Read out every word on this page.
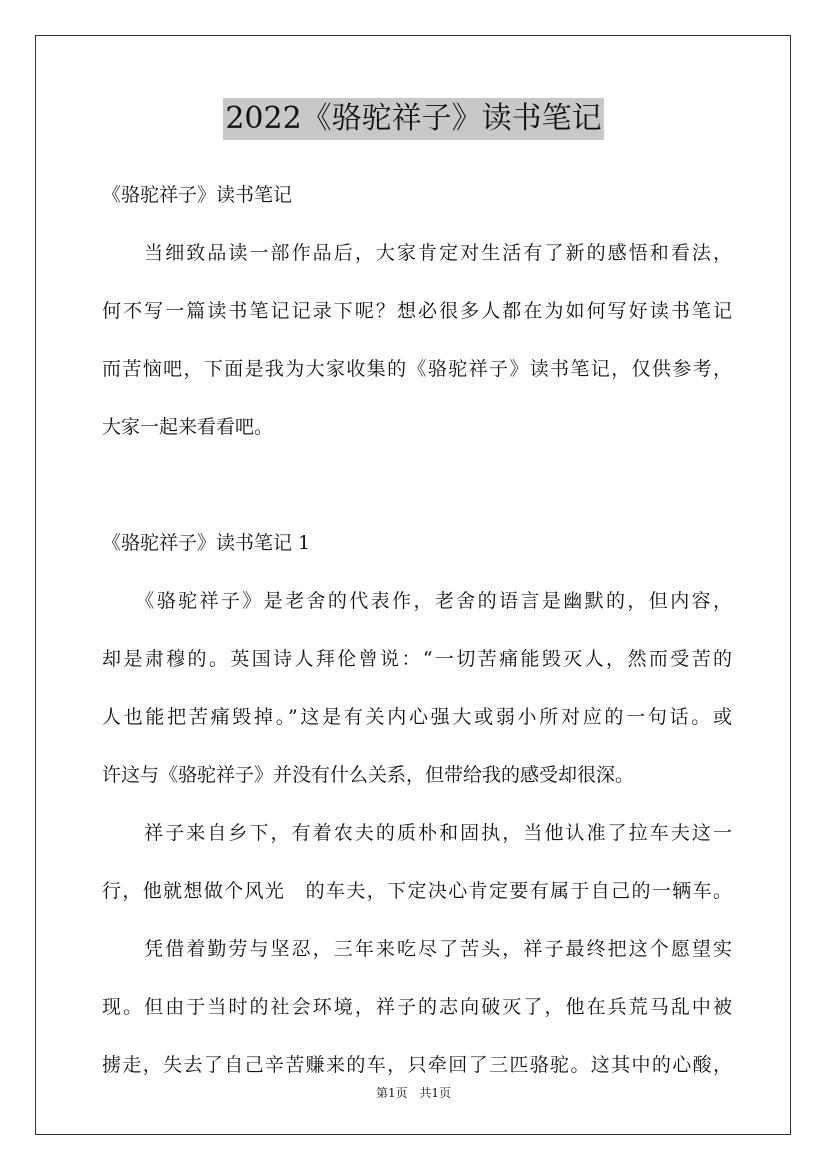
2022《骆驼祥子》读书笔记
《骆驼祥子》读书笔记
　　当细致品读一部作品后，大家肯定对生活有了新的感悟和看法，
何不写一篇读书笔记记录下呢？想必很多人都在为如何写好读书笔记
而苦恼吧，下面是我为大家收集的《骆驼祥子》读书笔记，仅供参考，
大家一起来看看吧。
《骆驼祥子》读书笔记 1
　　《骆驼祥子》是老舍的代表作，老舍的语言是幽默的，但内容，
却是肃穆的。英国诗人拜伦曾说：“一切苦痛能毁灭人，然而受苦的
人也能把苦痛毁掉。”这是有关内心强大或弱小所对应的一句话。或
许这与《骆驼祥子》并没有什么关系，但带给我的感受却很深。
　　祥子来自乡下，有着农夫的质朴和固执，当他认准了拉车夫这一
行，他就想做个风光　的车夫，下定决心肯定要有属于自己的一辆车。
　　凭借着勤劳与坚忍，三年来吃尽了苦头，祥子最终把这个愿望实
现。但由于当时的社会环境，祥子的志向破灭了，他在兵荒马乱中被
掳走，失去了自己辛苦赚来的车，只牵回了三匹骆驼。这其中的心酸，
第1页 共1页
